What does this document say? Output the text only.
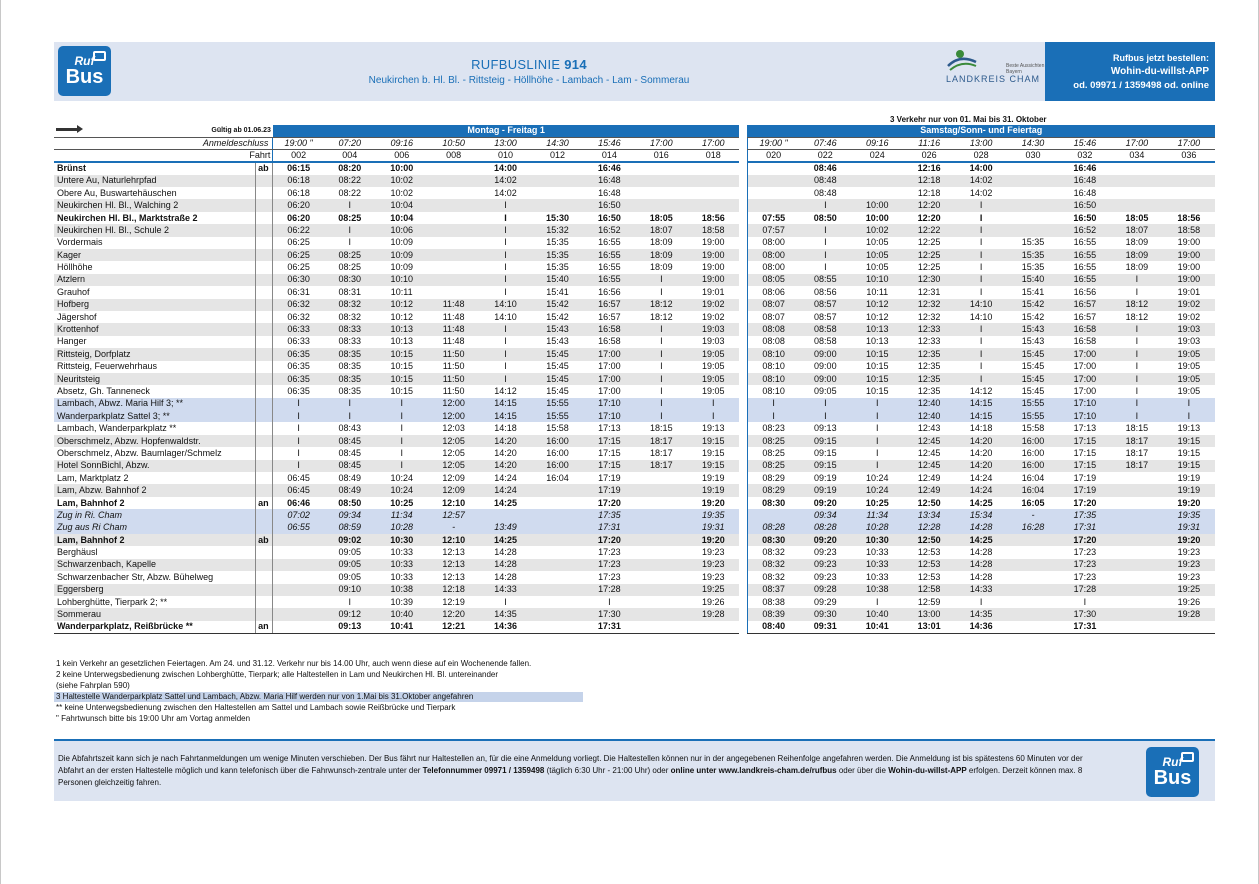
Ruf
Bus
RUFBUSLINIE 914
Neukirchen b. Hl. Bl. - Rittsteig - Höllhöhe - Lambach - Lam - Sommerau
Beste Aussichten Bayern
LANDKREIS CHAM
Rufbus jetzt bestellen:
Wohin-du-willst-APP
od. 09971 / 1359498 od. online
3 Verkehr nur von 01. Mai bis 31. Oktober
Gültig ab 01.06.23		Montag - Freitag 1										Samstag/Sonn- und Feiertag								
Anmeldeschluss		19:00 "	07:20	09:16	10:50	13:00	14:30	15:46	17:00	17:00		19:00 "	07:46	09:16	11:16	13:00	14:30	15:46	17:00	17:00
Fahrt		002	004	006	008	010	012	014	016	018		020	022	024	026	028	030	032	034	036
Brünst	ab	06:15	08:20	10:00		14:00		16:46					08:46		12:16	14:00		16:46		
Untere Au, Naturlehrpfad		06:18	08:22	10:02		14:02		16:48					08:48		12:18	14:02		16:48		
Obere Au, Buswartehäuschen		06:18	08:22	10:02		14:02		16:48					08:48		12:18	14:02		16:48		
Neukirchen Hl. Bl., Walching 2		06:20	I	10:04		I		16:50					I	10:00	12:20	I		16:50		
Neukirchen Hl. Bl., Marktstraße 2		06:20	08:25	10:04		I	15:30	16:50	18:05	18:56		07:55	08:50	10:00	12:20	I		16:50	18:05	18:56
Neukirchen Hl. Bl., Schule 2		06:22	I	10:06		I	15:32	16:52	18:07	18:58		07:57	I	10:02	12:22	I		16:52	18:07	18:58
Vordermais		06:25	I	10:09		I	15:35	16:55	18:09	19:00		08:00	I	10:05	12:25	I	15:35	16:55	18:09	19:00
Kager		06:25	08:25	10:09		I	15:35	16:55	18:09	19:00		08:00	I	10:05	12:25	I	15:35	16:55	18:09	19:00
Höllhöhe		06:25	08:25	10:09		I	15:35	16:55	18:09	19:00		08:00	I	10:05	12:25	I	15:35	16:55	18:09	19:00
Atzlern		06:30	08:30	10:10		I	15:40	16:55	I	19:00		08:05	08:55	10:10	12:30	I	15:40	16:55	I	19:00
Grauhof		06:31	08:31	10:11		I	15:41	16:56	I	19:01		08:06	08:56	10:11	12:31	I	15:41	16:56	I	19:01
Hofberg		06:32	08:32	10:12	11:48	14:10	15:42	16:57	18:12	19:02		08:07	08:57	10:12	12:32	14:10	15:42	16:57	18:12	19:02
Jägershof		06:32	08:32	10:12	11:48	14:10	15:42	16:57	18:12	19:02		08:07	08:57	10:12	12:32	14:10	15:42	16:57	18:12	19:02
Krottenhof		06:33	08:33	10:13	11:48	I	15:43	16:58	I	19:03		08:08	08:58	10:13	12:33	I	15:43	16:58	I	19:03
Hanger		06:33	08:33	10:13	11:48	I	15:43	16:58	I	19:03		08:08	08:58	10:13	12:33	I	15:43	16:58	I	19:03
Rittsteig, Dorfplatz		06:35	08:35	10:15	11:50	I	15:45	17:00	I	19:05		08:10	09:00	10:15	12:35	I	15:45	17:00	I	19:05
Rittsteig, Feuerwehrhaus		06:35	08:35	10:15	11:50	I	15:45	17:00	I	19:05		08:10	09:00	10:15	12:35	I	15:45	17:00	I	19:05
Neuritsteig		06:35	08:35	10:15	11:50	I	15:45	17:00	I	19:05		08:10	09:00	10:15	12:35	I	15:45	17:00	I	19:05
Absetz, Gh. Tanneneck		06:35	08:35	10:15	11:50	14:12	15:45	17:00	I	19:05		08:10	09:05	10:15	12:35	14:12	15:45	17:00	I	19:05
Lambach, Abwz. Maria Hilf 3; **		I	I	I	12:00	14:15	15:55	17:10	I	I		I	I	I	12:40	14:15	15:55	17:10	I	I
Wanderparkplatz Sattel 3; **		I	I	I	12:00	14:15	15:55	17:10	I	I		I	I	I	12:40	14:15	15:55	17:10	I	I
Lambach, Wanderparkplatz **		I	08:43	I	12:03	14:18	15:58	17:13	18:15	19:13		08:23	09:13	I	12:43	14:18	15:58	17:13	18:15	19:13
Oberschmelz, Abzw. Hopfenwaldstr.		I	08:45	I	12:05	14:20	16:00	17:15	18:17	19:15		08:25	09:15	I	12:45	14:20	16:00	17:15	18:17	19:15
Oberschmelz, Abzw. Baumlager/Schmelz		I	08:45	I	12:05	14:20	16:00	17:15	18:17	19:15		08:25	09:15	I	12:45	14:20	16:00	17:15	18:17	19:15
Hotel SonnBichl, Abzw.		I	08:45	I	12:05	14:20	16:00	17:15	18:17	19:15		08:25	09:15	I	12:45	14:20	16:00	17:15	18:17	19:15
Lam, Marktplatz 2		06:45	08:49	10:24	12:09	14:24	16:04	17:19		19:19		08:29	09:19	10:24	12:49	14:24	16:04	17:19		19:19
Lam, Abzw. Bahnhof 2		06:45	08:49	10:24	12:09	14:24		17:19		19:19		08:29	09:19	10:24	12:49	14:24	16:04	17:19		19:19
Lam, Bahnhof 2	an	06:46	08:50	10:25	12:10	14:25		17:20		19:20		08:30	09:20	10:25	12:50	14:25	16:05	17:20		19:20
Zug in Ri. Cham		07:02	09:34	11:34	12:57			17:35		19:35			09:34	11:34	13:34	15:34	-	17:35		19:35
Zug aus Ri Cham		06:55	08:59	10:28	-	13:49		17:31		19:31		08:28	08:28	10:28	12:28	14:28	16:28	17:31		19:31
Lam, Bahnhof 2	ab		09:02	10:30	12:10	14:25		17:20		19:20		08:30	09:20	10:30	12:50	14:25		17:20		19:20
Berghäusl			09:05	10:33	12:13	14:28		17:23		19:23		08:32	09:23	10:33	12:53	14:28		17:23		19:23
Schwarzenbach, Kapelle			09:05	10:33	12:13	14:28		17:23		19:23		08:32	09:23	10:33	12:53	14:28		17:23		19:23
Schwarzenbacher Str, Abzw. Bühelweg			09:05	10:33	12:13	14:28		17:23		19:23		08:32	09:23	10:33	12:53	14:28		17:23		19:23
Eggersberg			09:10	10:38	12:18	14:33		17:28		19:25		08:37	09:28	10:38	12:58	14:33		17:28		19:25
Lohberghütte, Tierpark 2; **			I	10:39	12:19	I		I		19:26		08:38	09:29	I	12:59	I		I		19:26
Sommerau			09:12	10:40	12:20	14:35		17:30		19:28		08:39	09:30	10:40	13:00	14:35		17:30		19:28
Wanderparkplatz, Reißbrücke **	an		09:13	10:41	12:21	14:36		17:31				08:40	09:31	10:41	13:01	14:36		17:31		
1 kein Verkehr an gesetzlichen Feiertagen. Am 24. und 31.12. Verkehr nur bis 14.00 Uhr, auch wenn diese auf ein Wochenende fallen.
2 keine Unterwegsbedienung zwischen Lohberghütte, Tierpark; alle Haltestellen in Lam und Neukirchen Hl. Bl. untereinander
(siehe Fahrplan 590)
3 Haltestelle Wanderparkplatz Sattel und Lambach, Abzw. Maria Hilf werden nur von 1.Mai bis 31.Oktober angefahren
** keine Unterwegsbedienung zwischen den Haltestellen am Sattel und Lambach sowie Reißbrücke und Tierpark
" Fahrtwunsch bitte bis 19:00 Uhr am Vortag anmelden
Die Abfahrtszeit kann sich je nach Fahrtanmeldungen um wenige Minuten verschieben. Der Bus fährt nur Haltestellen an, für die eine Anmeldung vorliegt. Die Haltestellen können nur in der angegebenen Reihenfolge angefahren werden. Die Anmeldung ist bis spätestens 60 Minuten vor der Abfahrt an der ersten Haltestelle möglich und kann telefonisch über die Fahrwunsch-zentrale unter der Telefonnummer 09971 / 1359498 (täglich 6:30 Uhr - 21:00 Uhr) oder online unter www.landkreis-cham.de/rufbus oder über die Wohin-du-willst-APP erfolgen. Derzeit können max. 8 Personen gleichzeitig fahren.
Ruf
Bus
